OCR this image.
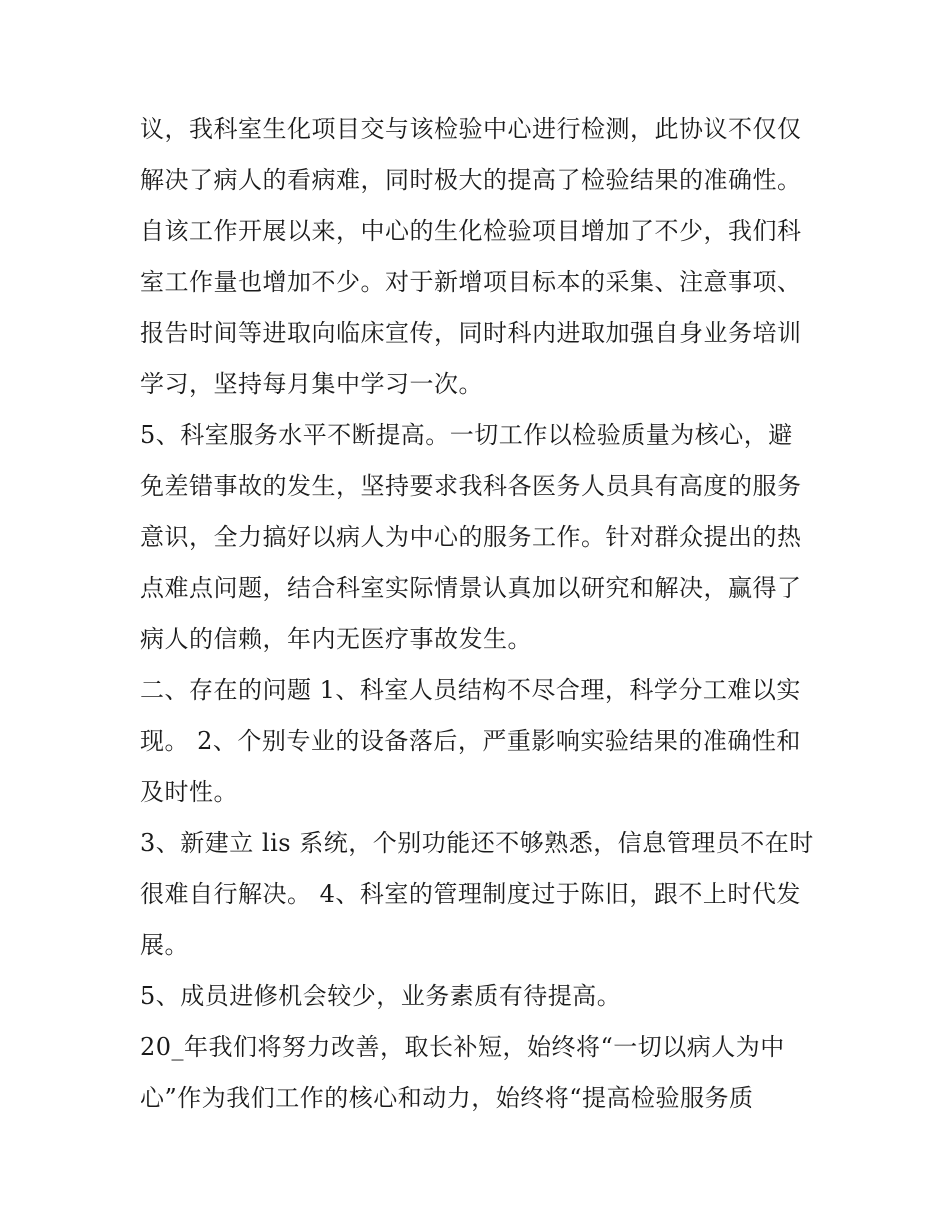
议，我科室生化项目交与该检验中心进行检测，此协议不仅仅
解决了病人的看病难，同时极大的提高了检验结果的准确性。
自该工作开展以来，中心的生化检验项目增加了不少，我们科
室工作量也增加不少。对于新增项目标本的采集、注意事项、
报告时间等进取向临床宣传，同时科内进取加强自身业务培训
学习，坚持每月集中学习一次。
5、科室服务水平不断提高。一切工作以检验质量为核心，避
免差错事故的发生，坚持要求我科各医务人员具有高度的服务
意识，全力搞好以病人为中心的服务工作。针对群众提出的热
点难点问题，结合科室实际情景认真加以研究和解决，赢得了
病人的信赖，年内无医疗事故发生。
二、存在的问题 1、科室人员结构不尽合理，科学分工难以实
现。 2、个别专业的设备落后，严重影响实验结果的准确性和
及时性。
3、新建立 lis 系统，个别功能还不够熟悉，信息管理员不在时
很难自行解决。 4、科室的管理制度过于陈旧，跟不上时代发
展。
5、成员进修机会较少，业务素质有待提高。
20_年我们将努力改善，取长补短，始终将“一切以病人为中
心”作为我们工作的核心和动力，始终将“提高检验服务质
